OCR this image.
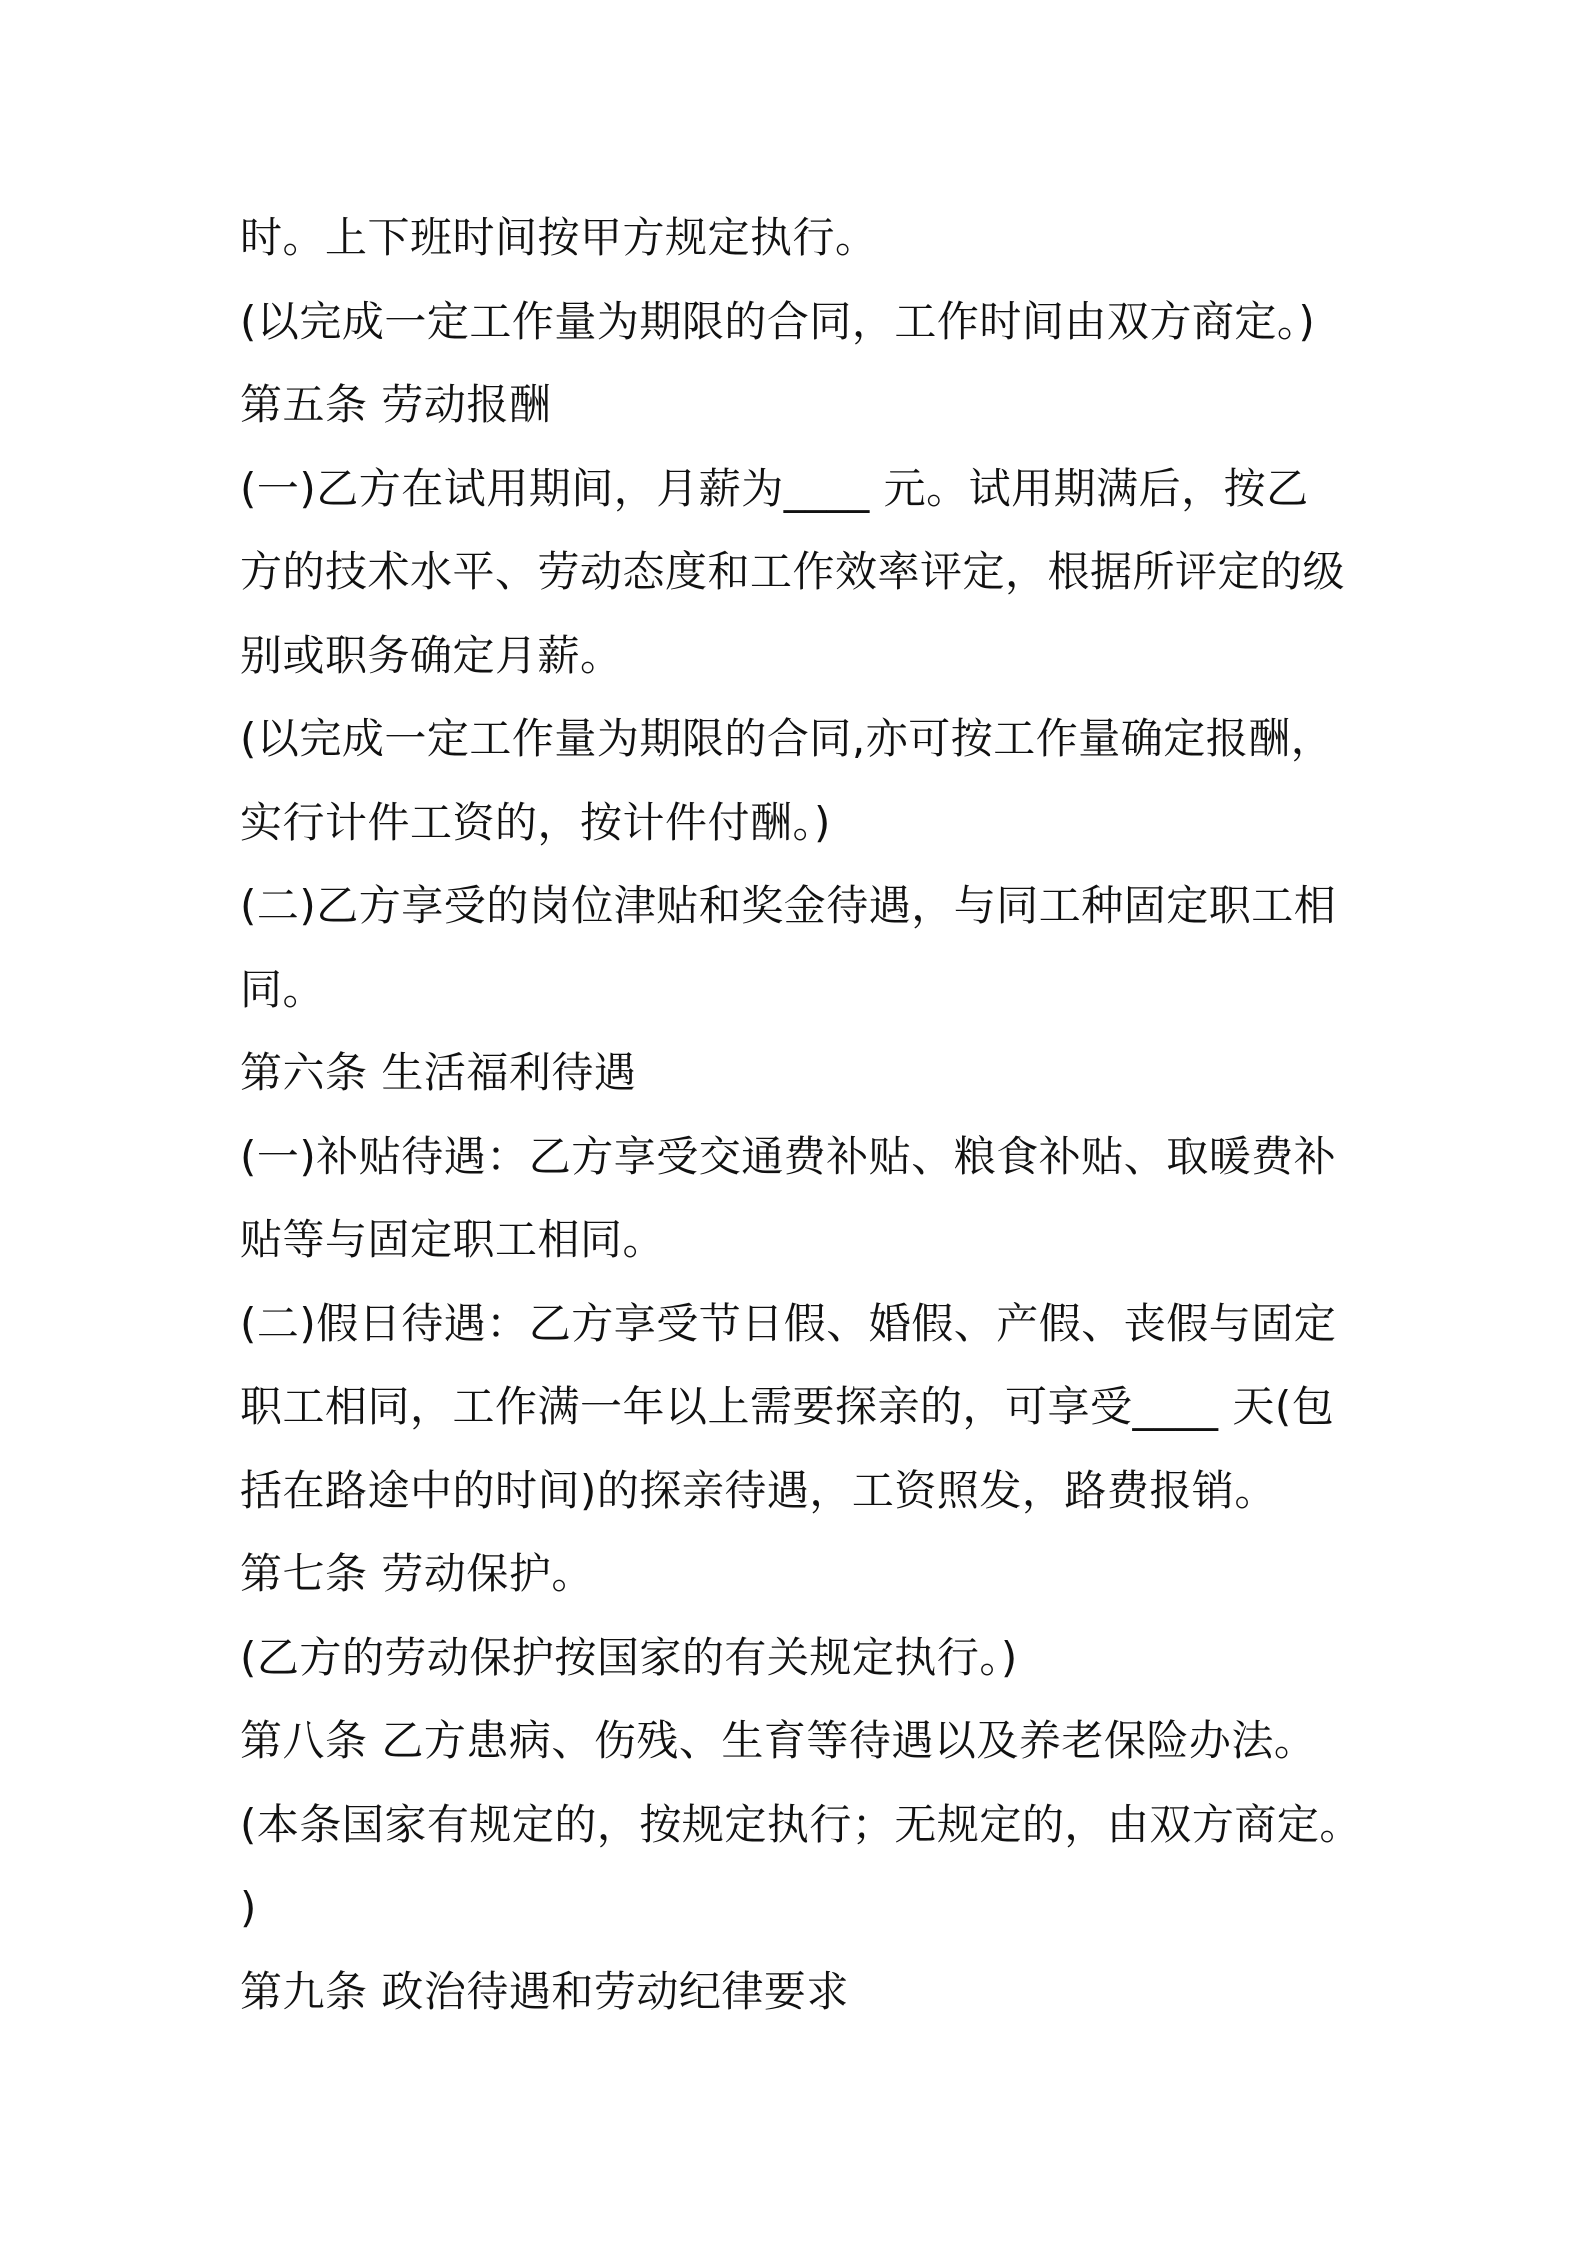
时。上下班时间按甲方规定执行。
(以完成一定工作量为期限的合同，工作时间由双方商定。)
第五条 劳动报酬
(一)乙方在试用期间，月薪为____ 元。试用期满后，按乙
方的技术水平、劳动态度和工作效率评定，根据所评定的级
别或职务确定月薪。
(以完成一定工作量为期限的合同,亦可按工作量确定报酬，
实行计件工资的，按计件付酬。)
(二)乙方享受的岗位津贴和奖金待遇，与同工种固定职工相
同。
第六条 生活福利待遇
(一)补贴待遇：乙方享受交通费补贴、粮食补贴、取暖费补
贴等与固定职工相同。
(二)假日待遇：乙方享受节日假、婚假、产假、丧假与固定
职工相同，工作满一年以上需要探亲的，可享受____ 天(包
括在路途中的时间)的探亲待遇，工资照发，路费报销。
第七条 劳动保护。
(乙方的劳动保护按国家的有关规定执行。)
第八条 乙方患病、伤残、生育等待遇以及养老保险办法。
(本条国家有规定的，按规定执行；无规定的，由双方商定。
)
第九条 政治待遇和劳动纪律要求
